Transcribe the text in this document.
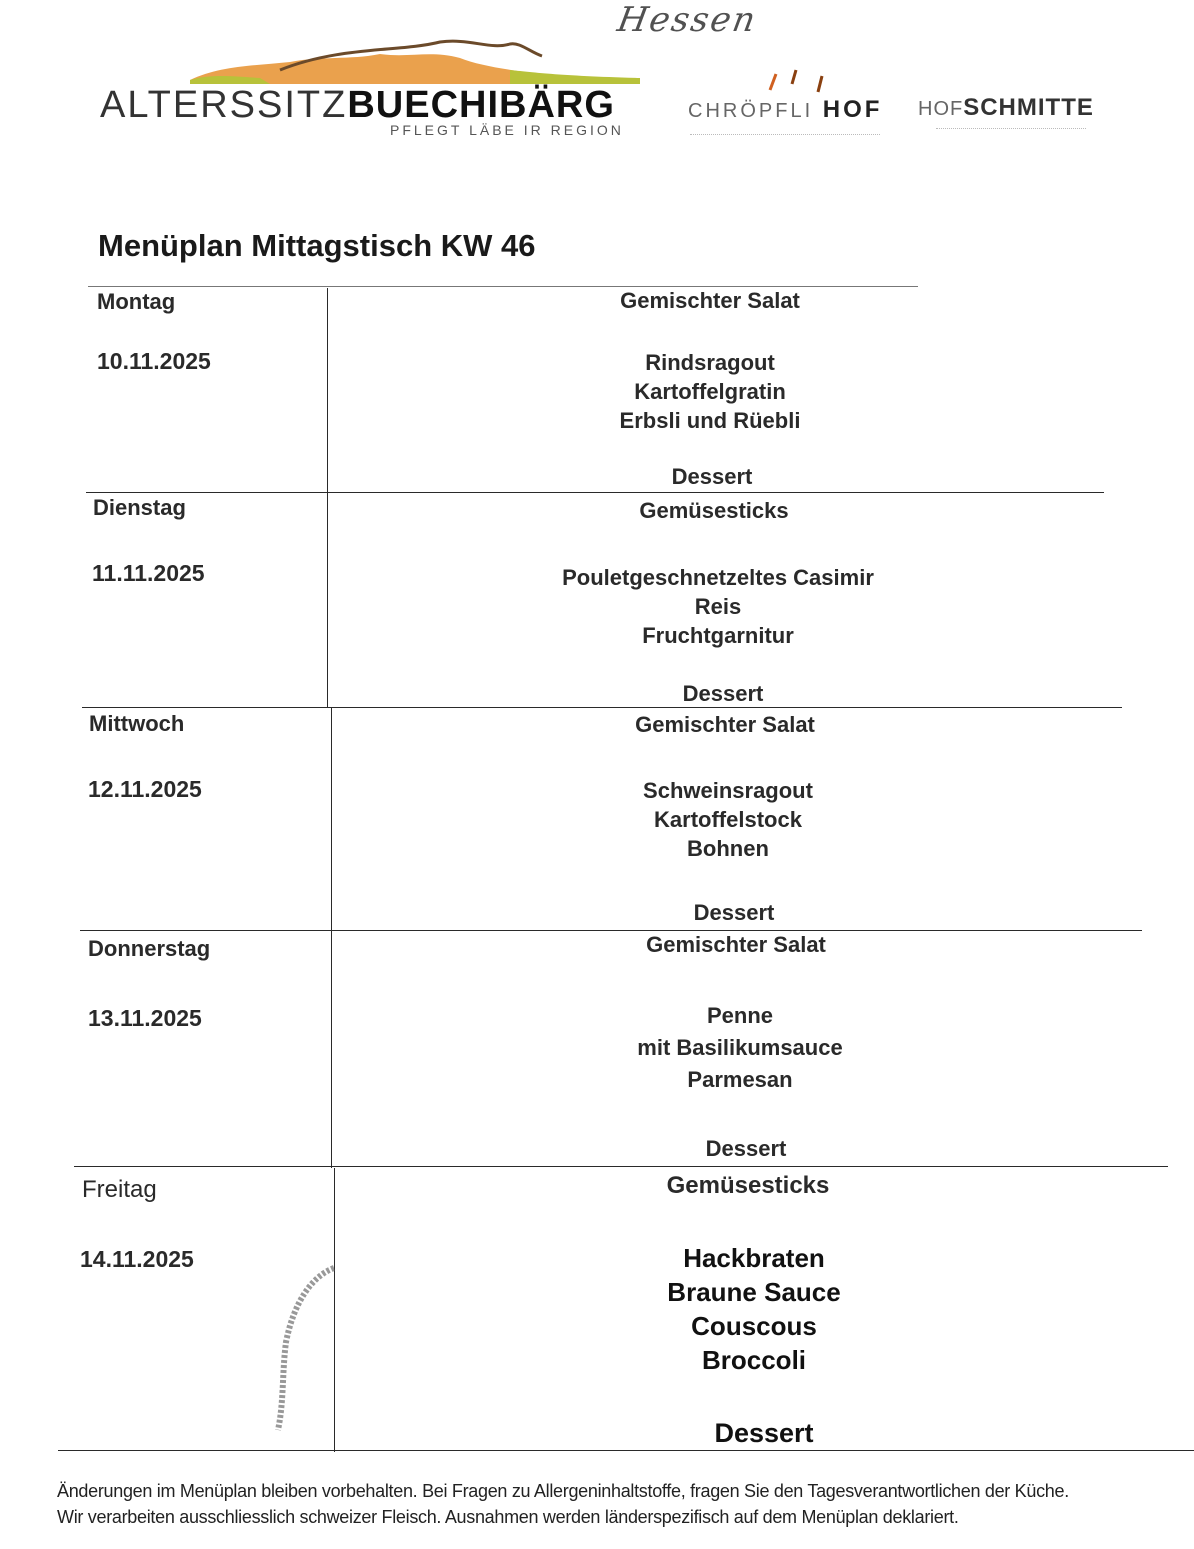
Hessen
ALTERSSITZBUECHIBÄRG
PFLEGT LÄBE IR REGION
CHRÖPFLI HOF HOFSCHMITTE
Menüplan Mittagstisch KW 46
Montag
10.11.2025
Gemischter Salat
Rindsragout
Kartoffelgratin
Erbsli und Rüebli
Dessert
Dienstag
11.11.2025
Gemüsesticks
Pouletgeschnetzeltes Casimir
Reis
Fruchtgarnitur
Dessert
Mittwoch
12.11.2025
Gemischter Salat
Schweinsragout
Kartoffelstock
Bohnen
Dessert
Donnerstag
13.11.2025
Gemischter Salat
Penne
mit Basilikumsauce
Parmesan
Dessert
Freitag
14.11.2025
Gemüsesticks
Hackbraten
Braune Sauce
Couscous
Broccoli
Dessert
Änderungen im Menüplan bleiben vorbehalten. Bei Fragen zu Allergeninhaltstoffe, fragen Sie den Tagesverantwortlichen der Küche.
Wir verarbeiten ausschliesslich schweizer Fleisch. Ausnahmen werden länderspezifisch auf dem Menüplan deklariert.
